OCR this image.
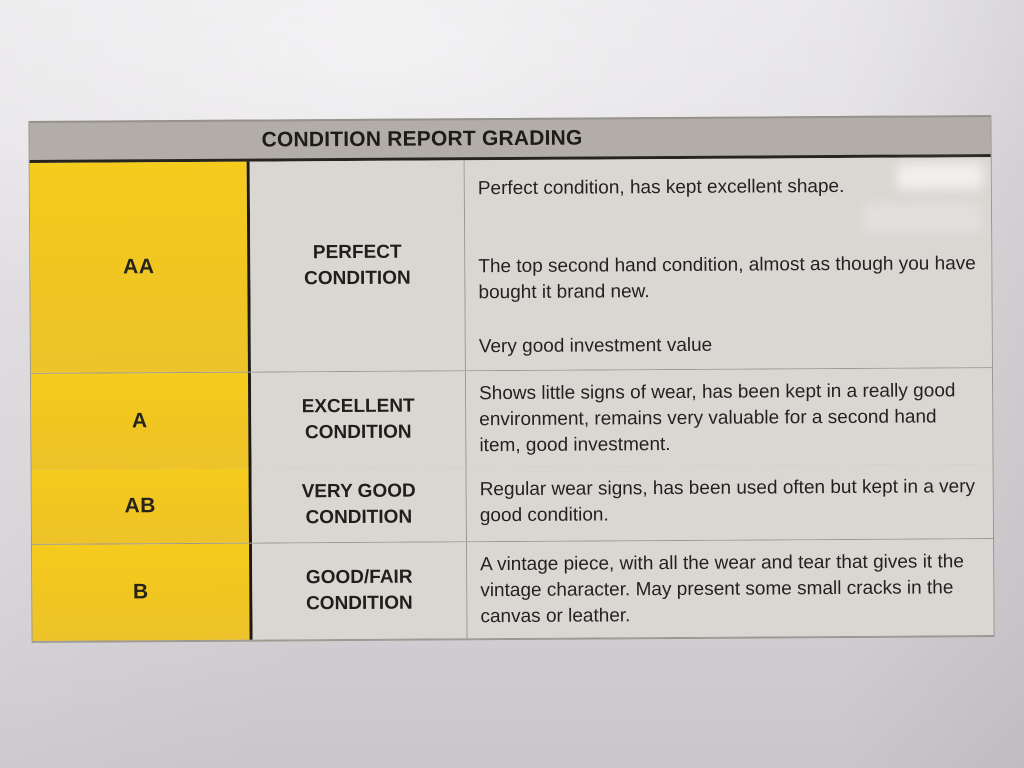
CONDITION REPORT GRADING
AA
PERFECT CONDITION

Perfect condition, has kept excellent shape.

The top second hand condition, almost as though you have bought it brand new.

Very good investment value

A
EXCELLENT CONDITION

Shows little signs of wear, has been kept in a really good environment, remains very valuable for a second hand item, good investment.

AB
VERY GOOD CONDITION

Regular wear signs, has been used often but kept in a very good condition.

B
GOOD/FAIR CONDITION

A vintage piece, with all the wear and tear that gives it the vintage character. May present some small cracks in the canvas or leather.
